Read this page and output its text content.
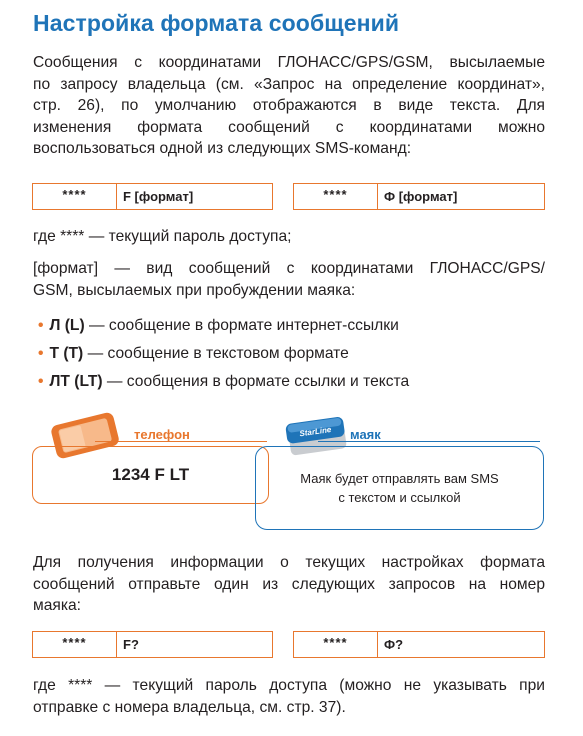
Настройка формата сообщений
Сообщения с координатами ГЛОНАСС/GPS/GSM, высылаемые
по запросу владельца (см. «Запрос на определение координат»,
стр. 26), по умолчанию отображаются в виде текста. Для
изменения формата сообщений с координатами можно
воспользоваться одной из следующих SMS-команд:
****	F [формат]	****	Ф [формат]
где **** — текущий пароль доступа;
[формат] — вид сообщений с координатами ГЛОНАСС/GPS/
GSM, высылаемых при пробуждении маяка:
• Л (L) — сообщение в формате интернет-ссылки
• Т (T) — сообщение в текстовом формате
• ЛТ (LT) — сообщения в формате ссылки и текста
телефон
1234 F LT
StarLine маяк
Маяк будет отправлять вам SMS
с текстом и ссылкой
Для получения информации о текущих настройках формата
сообщений отправьте один из следующих запросов на номер
маяка:
****	F?	****	Ф?
где **** — текущий пароль доступа (можно не указывать при
отправке с номера владельца, см. стр. 37).
